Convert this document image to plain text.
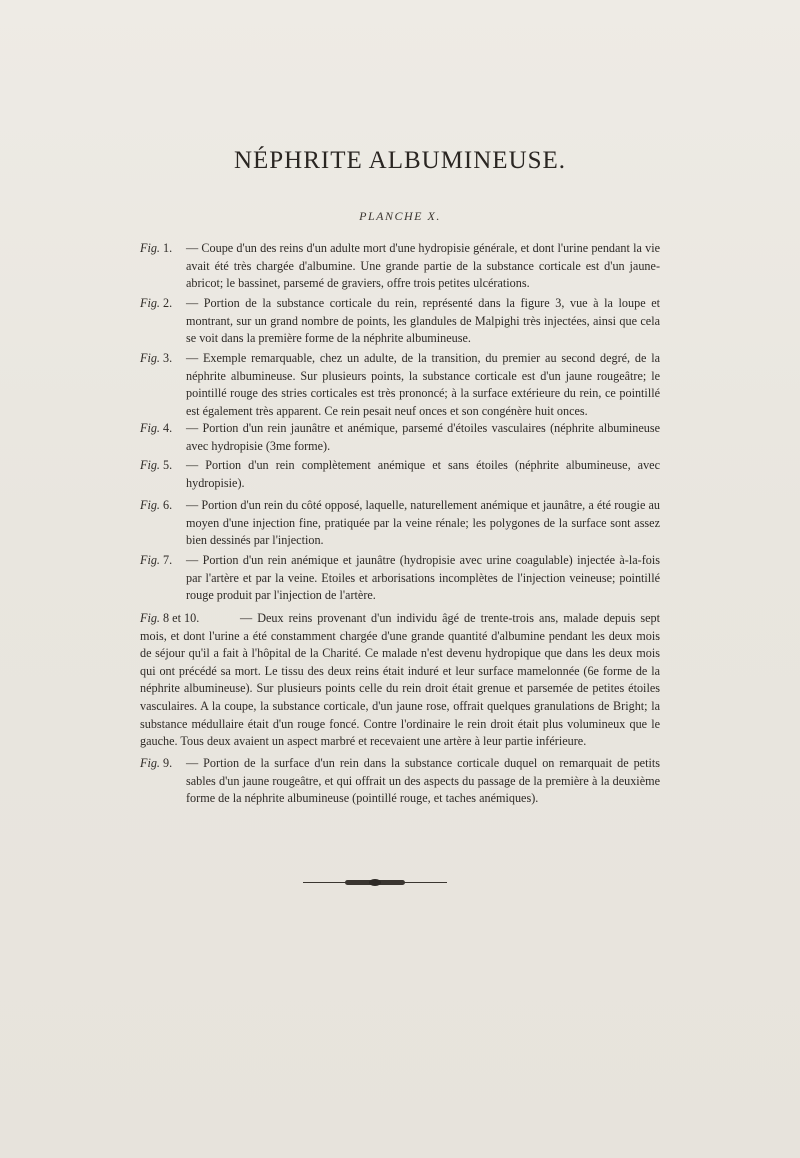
NÉPHRITE ALBUMINEUSE.
PLANCHE X.
Fig. 1.	— Coupe d'un des reins d'un adulte mort d'une hydropisie générale, et dont l'urine pendant la vie avait été très chargée d'albumine. Une grande partie de la substance corticale est d'un jaune-abricot; le bassinet, parsemé de graviers, offre trois petites ulcérations.
Fig. 2.	— Portion de la substance corticale du rein, représenté dans la figure 3, vue à la loupe et montrant, sur un grand nombre de points, les glandules de Malpighi très injectées, ainsi que cela se voit dans la première forme de la néphrite albumineuse.
Fig. 3.	— Exemple remarquable, chez un adulte, de la transition, du premier au second degré, de la néphrite albumineuse. Sur plusieurs points, la substance corticale est d'un jaune rougeâtre; le pointillé rouge des stries corticales est très prononcé; à la surface extérieure du rein, ce pointillé est également très apparent. Ce rein pesait neuf onces et son congénère huit onces.
Fig. 4.	— Portion d'un rein jaunâtre et anémique, parsemé d'étoiles vasculaires (néphrite albumineuse avec hydropisie (3me forme).
Fig. 5.	— Portion d'un rein complètement anémique et sans étoiles (néphrite albumineuse, avec hydropisie).
Fig. 6.	— Portion d'un rein du côté opposé, laquelle, naturellement anémique et jaunâtre, a été rougie au moyen d'une injection fine, pratiquée par la veine rénale; les polygones de la surface sont assez bien dessinés par l'injection.
Fig. 7.	— Portion d'un rein anémique et jaunâtre (hydropisie avec urine coagulable) injectée à-la-fois par l'artère et par la veine. Etoiles et arborisations incomplètes de l'injection veineuse; pointillé rouge produit par l'injection de l'artère.
Fig. 8 et 10.	— Deux reins provenant d'un individu âgé de trente-trois ans, malade depuis sept mois, et dont l'urine a été constamment chargée d'une grande quantité d'albumine pendant les deux mois de séjour qu'il a fait à l'hôpital de la Charité. Ce malade n'est devenu hydropique que dans les deux mois qui ont précédé sa mort. Le tissu des deux reins était induré et leur surface mamelonnée (6e forme de la néphrite albumineuse). Sur plusieurs points celle du rein droit était grenue et parsemée de petites étoiles vasculaires. A la coupe, la substance corticale, d'un jaune rose, offrait quelques granulations de Bright; la substance médullaire était d'un rouge foncé. Contre l'ordinaire le rein droit était plus volumineux que le gauche. Tous deux avaient un aspect marbré et recevaient une artère à leur partie inférieure.
Fig. 9.	— Portion de la surface d'un rein dans la substance corticale duquel on remarquait de petits sables d'un jaune rougeâtre, et qui offrait un des aspects du passage de la première à la deuxième forme de la néphrite albumineuse (pointillé rouge, et taches anémiques).
